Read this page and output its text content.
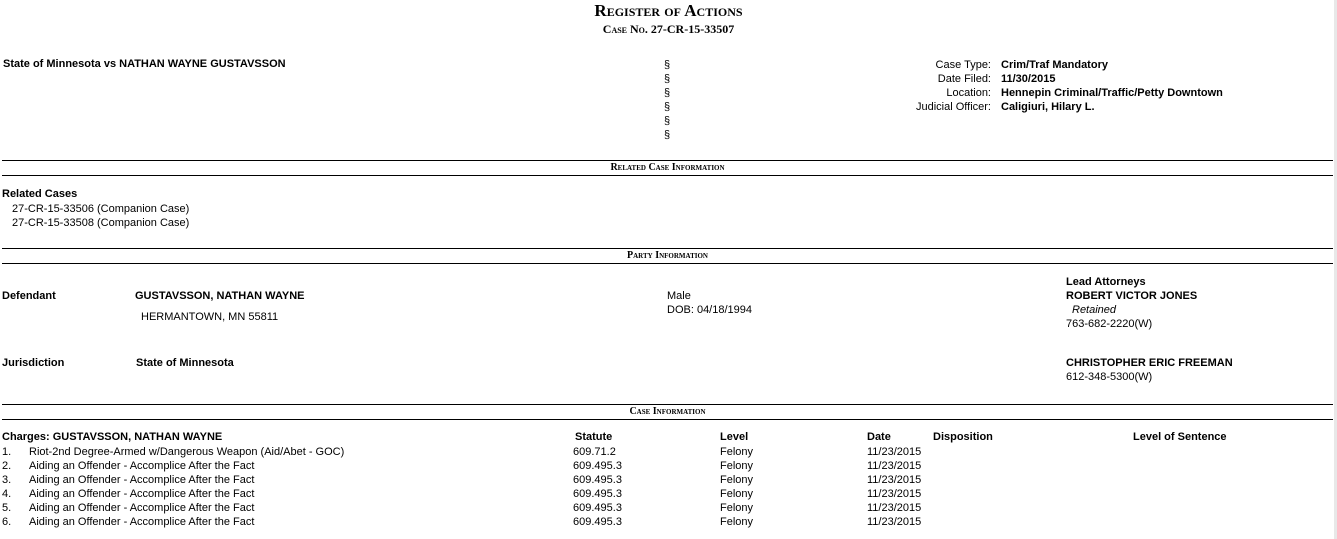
Register of Actions
Case No. 27-CR-15-33507
State of Minnesota vs NATHAN WAYNE GUSTAVSSON	§
§
§
§
§
§
Case Type: Crim/Traf Mandatory
Date Filed: 11/30/2015
Location: Hennepin Criminal/Traffic/Petty Downtown
Judicial Officer: Caligiuri, Hilary L.
Related Case Information
Related Cases
27-CR-15-33506 (Companion Case)
27-CR-15-33508 (Companion Case)
Party Information
Lead Attorneys
Defendant	GUSTAVSSON, NATHAN WAYNE
HERMANTOWN, MN 55811
Male
DOB: 04/18/1994
ROBERT VICTOR JONES
Retained
763-682-2220(W)
Jurisdiction	State of Minnesota	CHRISTOPHER ERIC FREEMAN
612-348-5300(W)
Case Information
Charges: GUSTAVSSON, NATHAN WAYNE	Statute	Level	Date	Disposition	Level of Sentence
1. Riot-2nd Degree-Armed w/Dangerous Weapon (Aid/Abet - GOC)	609.71.2	Felony	11/23/2015
2. Aiding an Offender - Accomplice After the Fact	609.495.3	Felony	11/23/2015
3. Aiding an Offender - Accomplice After the Fact	609.495.3	Felony	11/23/2015
4. Aiding an Offender - Accomplice After the Fact	609.495.3	Felony	11/23/2015
5. Aiding an Offender - Accomplice After the Fact	609.495.3	Felony	11/23/2015
6. Aiding an Offender - Accomplice After the Fact	609.495.3	Felony	11/23/2015
